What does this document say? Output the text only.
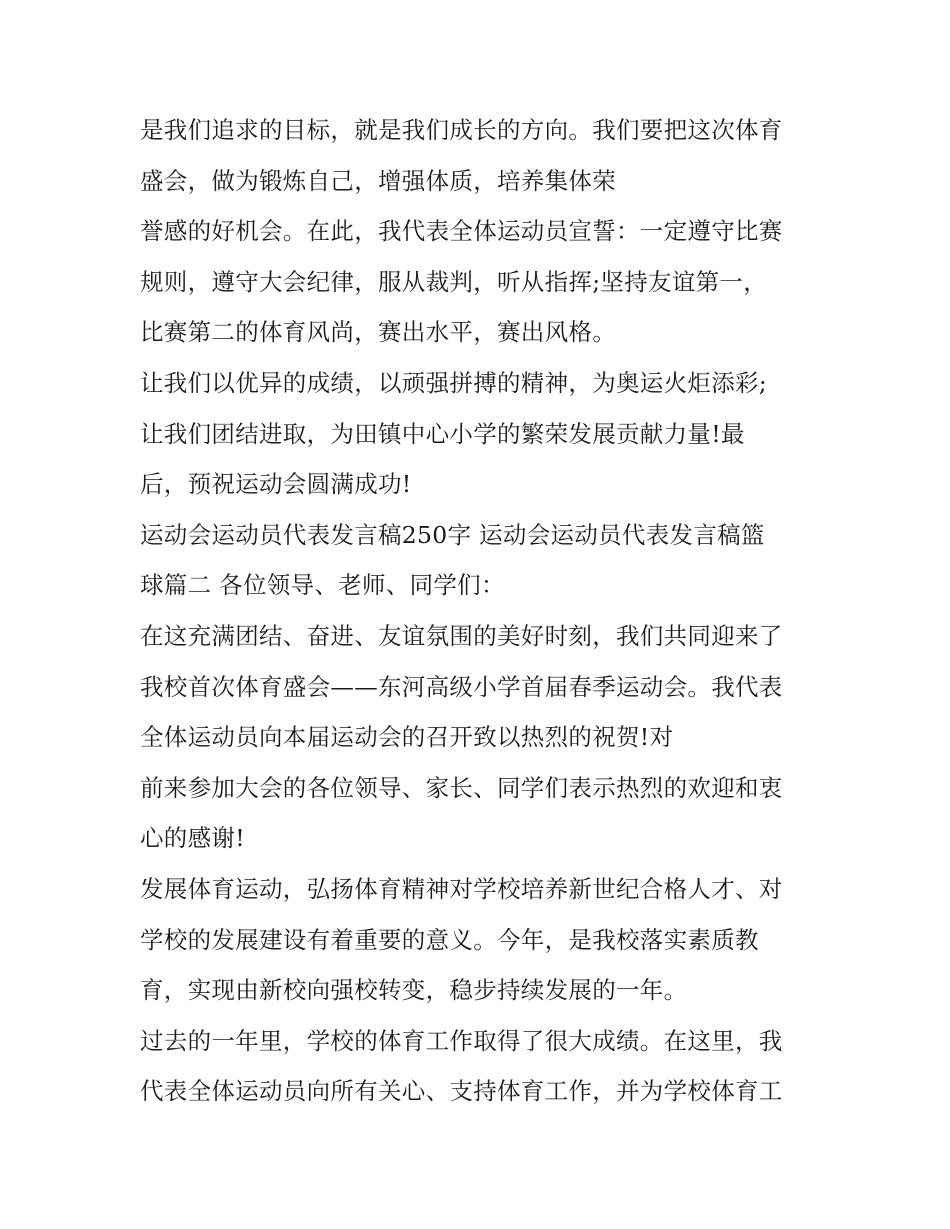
是我们追求的目标，就是我们成长的方向。我们要把这次体育
盛会，做为锻炼自己，增强体质，培养集体荣
誉感的好机会。在此，我代表全体运动员宣誓：一定遵守比赛
规则，遵守大会纪律，服从裁判，听从指挥;坚持友谊第一，
比赛第二的体育风尚，赛出水平，赛出风格。
让我们以优异的成绩，以顽强拼搏的精神，为奥运火炬添彩;
让我们团结进取，为田镇中心小学的繁荣发展贡献力量!最
后，预祝运动会圆满成功!
运动会运动员代表发言稿250字 运动会运动员代表发言稿篮
球篇二 各位领导、老师、同学们：
在这充满团结、奋进、友谊氛围的美好时刻，我们共同迎来了
我校首次体育盛会——东河高级小学首届春季运动会。我代表
全体运动员向本届运动会的召开致以热烈的祝贺!对
前来参加大会的各位领导、家长、同学们表示热烈的欢迎和衷
心的感谢!
发展体育运动，弘扬体育精神对学校培养新世纪合格人才、对
学校的发展建设有着重要的意义。今年，是我校落实素质教
育，实现由新校向强校转变，稳步持续发展的一年。
过去的一年里，学校的体育工作取得了很大成绩。在这里，我
代表全体运动员向所有关心、支持体育工作，并为学校体育工
